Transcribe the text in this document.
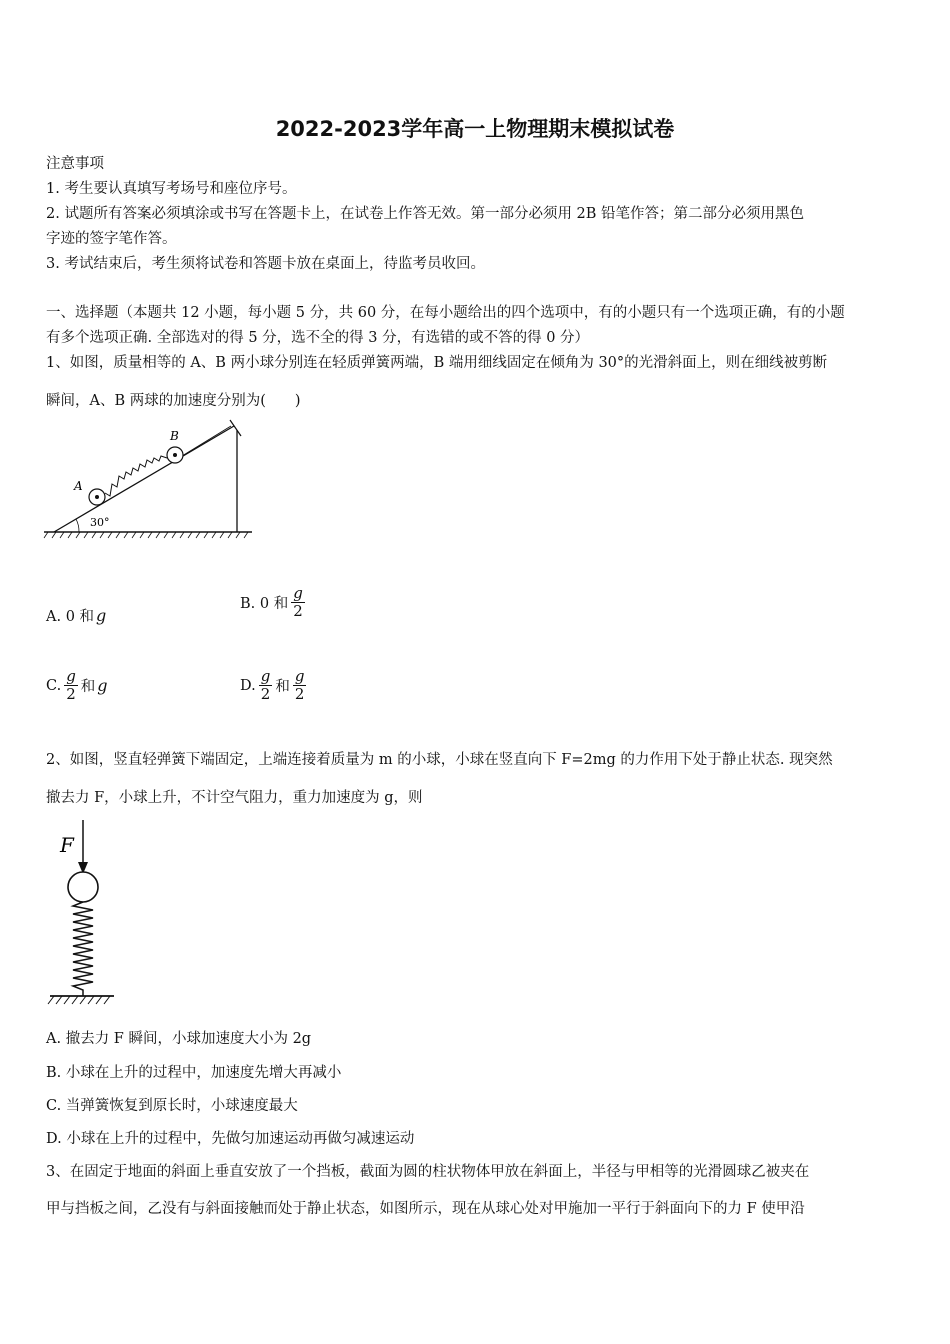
2022-2023学年高一上物理期末模拟试卷
注意事项
1. 考生要认真填写考场号和座位序号。
2. 试题所有答案必须填涂或书写在答题卡上，在试卷上作答无效。第一部分必须用 2B 铅笔作答；第二部分必须用黑色
字迹的签字笔作答。
3. 考试结束后，考生须将试卷和答题卡放在桌面上，待监考员收回。
一、选择题（本题共 12 小题，每小题 5 分，共 60 分，在每小题给出的四个选项中，有的小题只有一个选项正确，有的小题
有多个选项正确. 全部选对的得 5 分，选不全的得 3 分，有选错的或不答的得 0 分）
1、如图，质量相等的 A、B 两小球分别连在轻质弹簧两端，B 端用细线固定在倾角为 30°的光滑斜面上，则在细线被剪断
瞬间，A、B 两球的加速度分别为(　　)
A
B
30°
A. 0 和 g
B. 0 和 $\frac{g}{2}$
C. $\frac{g}{2}$ 和 g	D. $\frac{g}{2}$ 和 $\frac{g}{2}$
2、如图，竖直轻弹簧下端固定，上端连接着质量为 m 的小球，小球在竖直向下 F=2mg 的力作用下处于静止状态. 现突然
撤去力 F，小球上升，不计空气阻力，重力加速度为 g，则
F
A. 撤去力 F 瞬间，小球加速度大小为 2g
B. 小球在上升的过程中，加速度先增大再减小
C. 当弹簧恢复到原长时，小球速度最大
D. 小球在上升的过程中，先做匀加速运动再做匀减速运动
3、在固定于地面的斜面上垂直安放了一个挡板，截面为圆的柱状物体甲放在斜面上，半径与甲相等的光滑圆球乙被夹在
甲与挡板之间，乙没有与斜面接触而处于静止状态，如图所示，现在从球心处对甲施加一平行于斜面向下的力 F 使甲沿
